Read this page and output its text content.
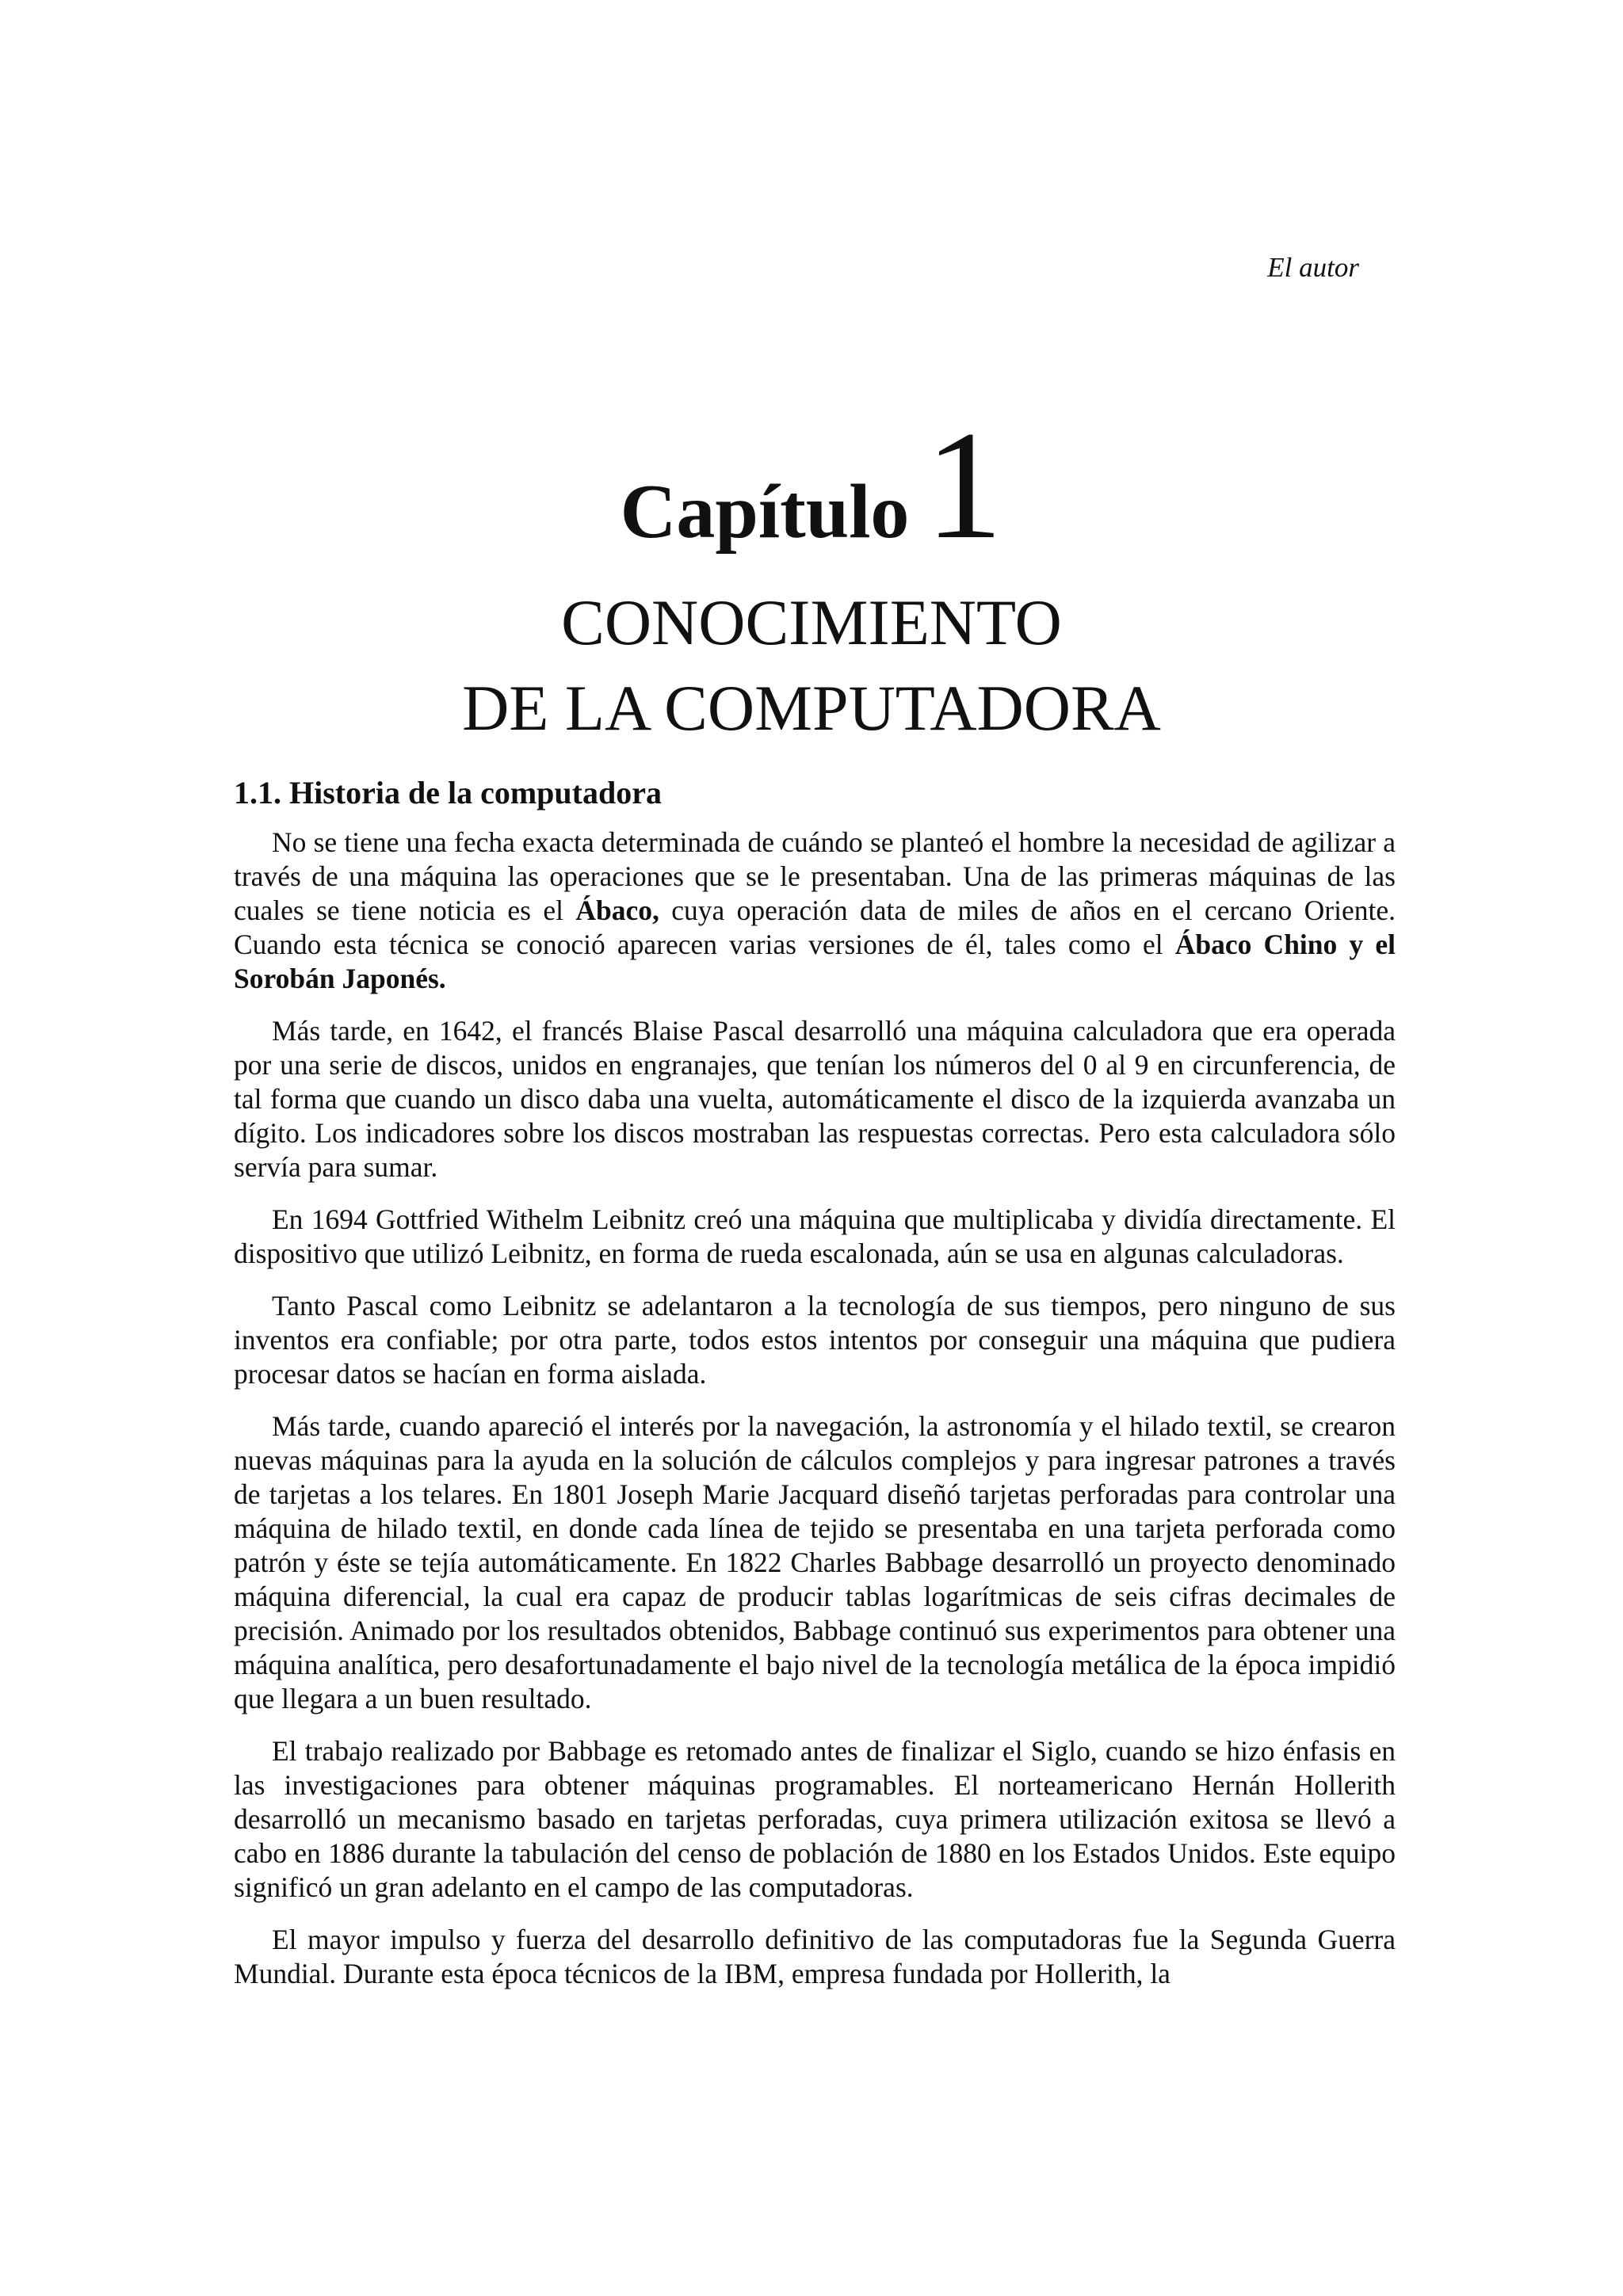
El autor
Capítulo 1
CONOCIMIENTO
DE LA COMPUTADORA
1.1. Historia de la computadora

No se tiene una fecha exacta determinada de cuándo se planteó el hombre la necesidad de agilizar a través de una máquina las operaciones que se le presentaban. Una de las primeras máquinas de las cuales se tiene noticia es el Ábaco, cuya operación data de miles de años en el cercano Oriente. Cuando esta técnica se conoció aparecen varias versiones de él, tales como el Ábaco Chino y el Sorobán Japonés.

Más tarde, en 1642, el francés Blaise Pascal desarrolló una máquina calculadora que era operada por una serie de discos, unidos en engranajes, que tenían los números del 0 al 9 en circunferencia, de tal forma que cuando un disco daba una vuelta, automáticamente el disco de la izquierda avanzaba un dígito. Los indicadores sobre los discos mostraban las respuestas correctas. Pero esta calculadora sólo servía para sumar.

En 1694 Gottfried Withelm Leibnitz creó una máquina que multiplicaba y dividía directamente. El dispositivo que utilizó Leibnitz, en forma de rueda escalonada, aún se usa en algunas calculadoras.

Tanto Pascal como Leibnitz se adelantaron a la tecnología de sus tiempos, pero ninguno de sus inventos era confiable; por otra parte, todos estos intentos por conseguir una máquina que pudiera procesar datos se hacían en forma aislada.

Más tarde, cuando apareció el interés por la navegación, la astronomía y el hilado textil, se crearon nuevas máquinas para la ayuda en la solución de cálculos complejos y para ingresar patrones a través de tarjetas a los telares. En 1801 Joseph Marie Jacquard diseñó tarjetas perforadas para controlar una máquina de hilado textil, en donde cada línea de tejido se presentaba en una tarjeta perforada como patrón y éste se tejía automáticamente. En 1822 Charles Babbage desarrolló un proyecto denominado máquina diferencial, la cual era capaz de producir tablas logarítmicas de seis cifras decimales de precisión. Animado por los resultados obtenidos, Babbage continuó sus experimentos para obtener una máquina analítica, pero desafortunadamente el bajo nivel de la tecnología metálica de la época impidió que llegara a un buen resultado.

El trabajo realizado por Babbage es retomado antes de finalizar el Siglo, cuando se hizo énfasis en las investigaciones para obtener máquinas programables. El norteamericano Hernán Hollerith desarrolló un mecanismo basado en tarjetas perforadas, cuya primera utilización exitosa se llevó a cabo en 1886 durante la tabulación del censo de población de 1880 en los Estados Unidos. Este equipo significó un gran adelanto en el campo de las computadoras.

El mayor impulso y fuerza del desarrollo definitivo de las computadoras fue la Segunda Guerra Mundial. Durante esta época técnicos de la IBM, empresa fundada por Hollerith, la
